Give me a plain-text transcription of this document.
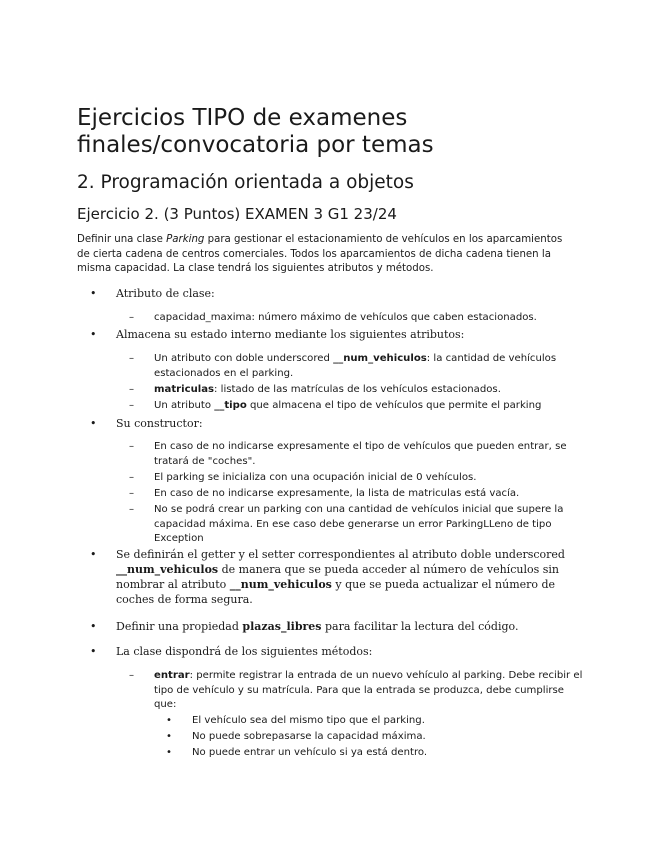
Ejercicios TIPO de examenes finales/convocatoria por temas
2. Programación orientada a objetos
Ejercicio 2. (3 Puntos) EXAMEN 3 G1 23/24

Definir una clase Parking para gestionar el estacionamiento de vehículos en los aparcamientos de cierta cadena de centros comerciales. Todos los aparcamientos de dicha cadena tienen la misma capacidad. La clase tendrá los siguientes atributos y métodos.

• Atributo de clase:
– capacidad_maxima: número máximo de vehículos que caben estacionados.
• Almacena su estado interno mediante los siguientes atributos:
– Un atributo con doble underscored __num_vehiculos: la cantidad de vehículos estacionados en el parking.
– matriculas: listado de las matrículas de los vehículos estacionados.
– Un atributo __tipo que almacena el tipo de vehículos que permite el parking
• Su constructor:
– En caso de no indicarse expresamente el tipo de vehículos que pueden entrar, se tratará de "coches".
– El parking se inicializa con una ocupación inicial de 0 vehículos.
– En caso de no indicarse expresamente, la lista de matriculas está vacía.
– No se podrá crear un parking con una cantidad de vehículos inicial que supere la capacidad máxima. En ese caso debe generarse un error ParkingLLeno de tipo Exception
• Se definirán el getter y el setter correspondientes al atributo doble underscored __num_vehiculos de manera que se pueda acceder al número de vehículos sin nombrar al atributo __num_vehiculos y que se pueda actualizar el número de coches de forma segura.
• Definir una propiedad plazas_libres para facilitar la lectura del código.
• La clase dispondrá de los siguientes métodos:
– entrar: permite registrar la entrada de un nuevo vehículo al parking. Debe recibir el tipo de vehículo y su matrícula. Para que la entrada se produzca, debe cumplirse que:
• El vehículo sea del mismo tipo que el parking.
• No puede sobrepasarse la capacidad máxima.
• No puede entrar un vehículo si ya está dentro.
